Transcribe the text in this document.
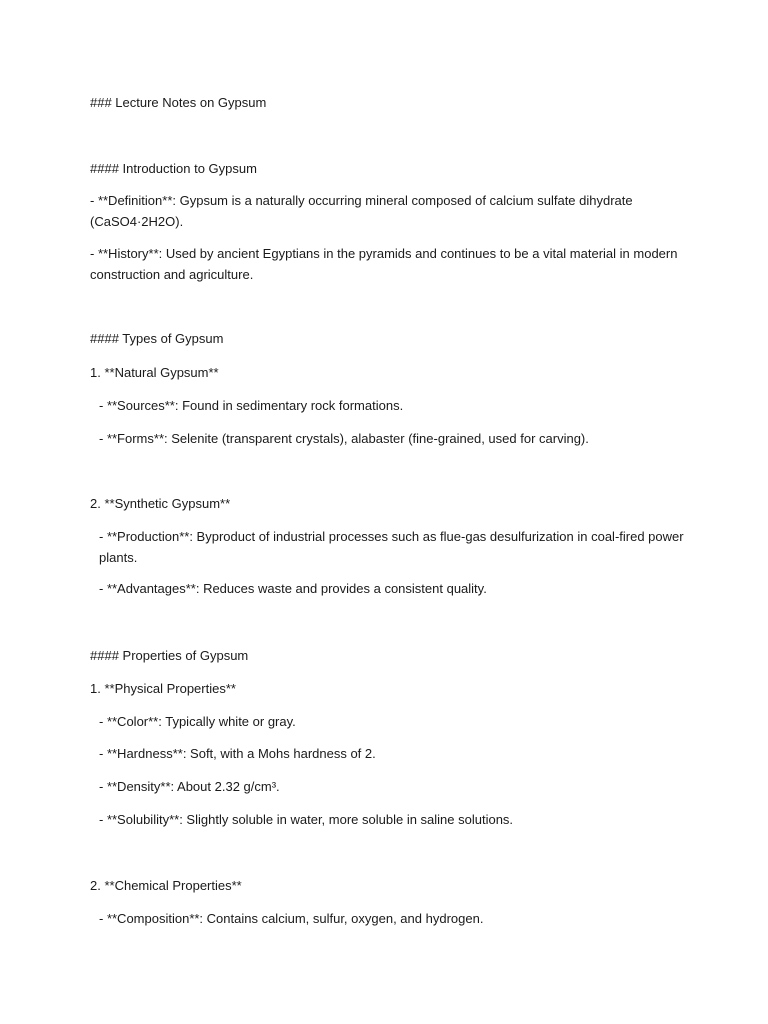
### Lecture Notes on Gypsum
#### Introduction to Gypsum
- **Definition**: Gypsum is a naturally occurring mineral composed of calcium sulfate dihydrate (CaSO4·2H2O).
- **History**: Used by ancient Egyptians in the pyramids and continues to be a vital material in modern construction and agriculture.
#### Types of Gypsum
1. **Natural Gypsum**
- **Sources**: Found in sedimentary rock formations.
- **Forms**: Selenite (transparent crystals), alabaster (fine-grained, used for carving).
2. **Synthetic Gypsum**
- **Production**: Byproduct of industrial processes such as flue-gas desulfurization in coal-fired power plants.
- **Advantages**: Reduces waste and provides a consistent quality.
#### Properties of Gypsum
1. **Physical Properties**
- **Color**: Typically white or gray.
- **Hardness**: Soft, with a Mohs hardness of 2.
- **Density**: About 2.32 g/cm³.
- **Solubility**: Slightly soluble in water, more soluble in saline solutions.
2. **Chemical Properties**
- **Composition**: Contains calcium, sulfur, oxygen, and hydrogen.
